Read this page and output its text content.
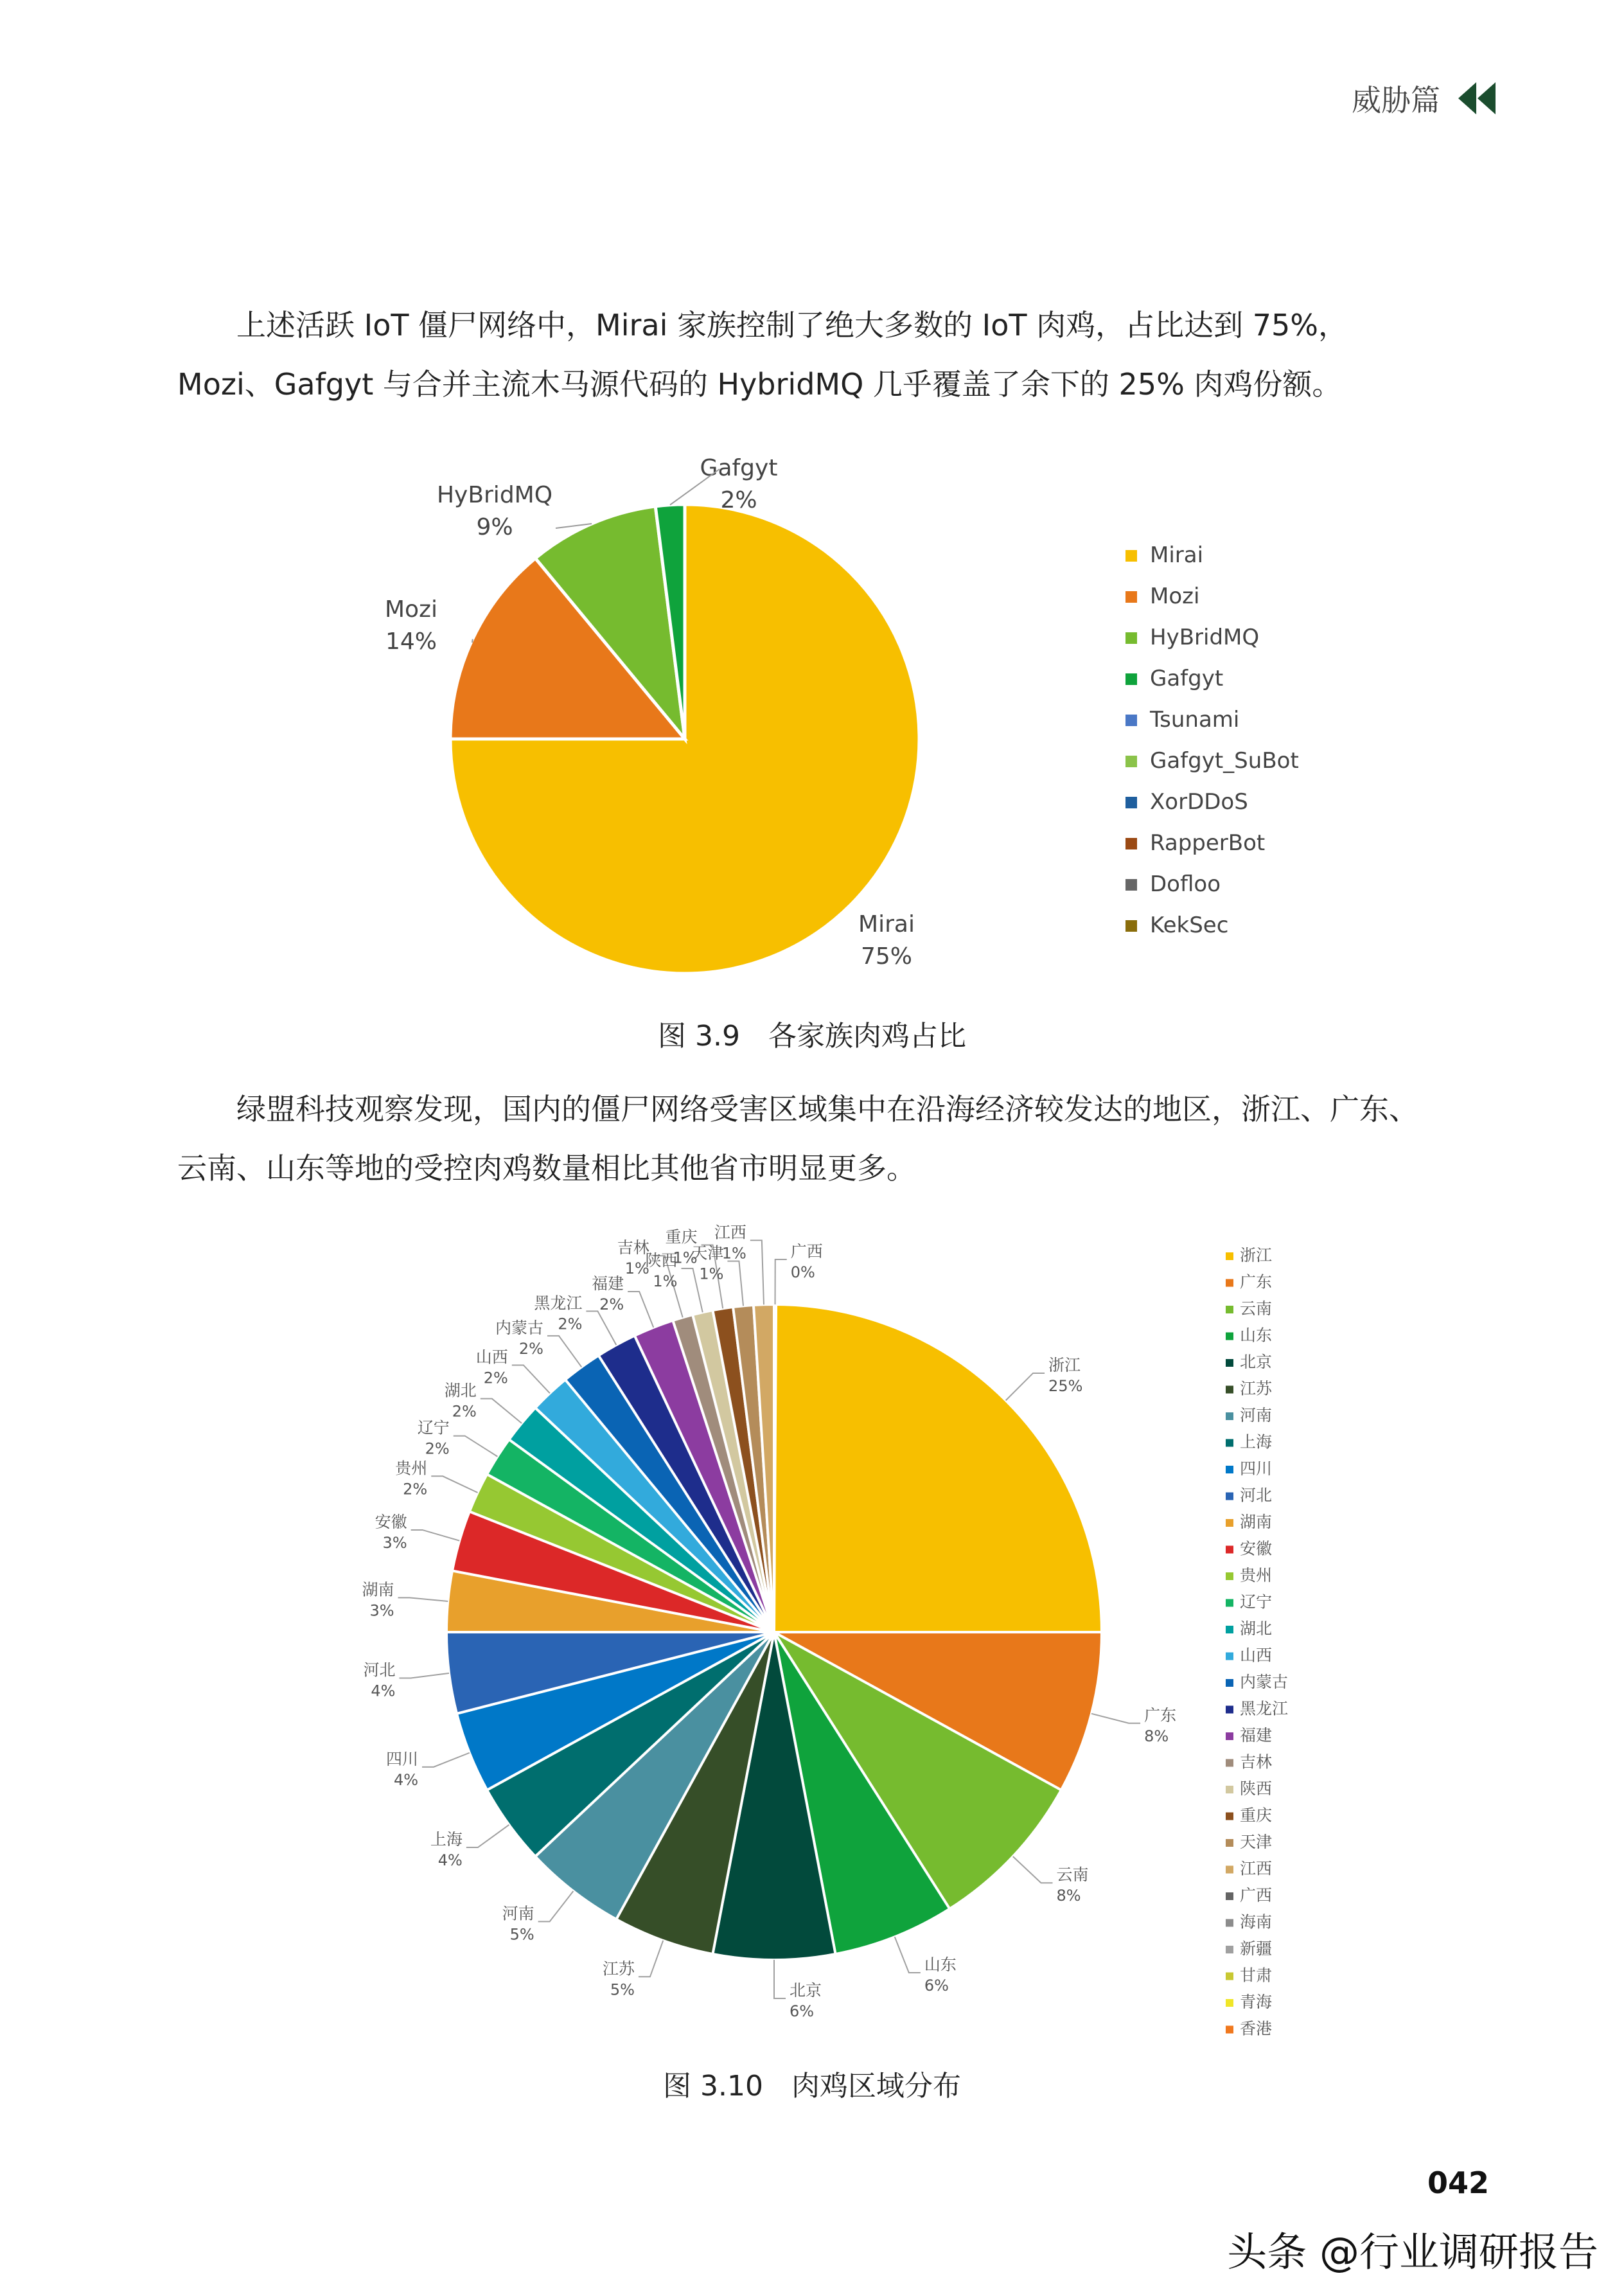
威胁篇

上述活跃 IoT 僵尸网络中，Mirai 家族控制了绝大多数的 IoT 肉鸡，占比达到 75%，

Mozi、Gafgyt 与合并主流木马源代码的 HybridMQ 几乎覆盖了余下的 25% 肉鸡份额。

Mirai
75%
Mozi
14%
HyBridMQ
9%
Gafgyt
2%
Mirai
Mozi
HyBridMQ
Gafgyt
Tsunami
Gafgyt_SuBot
XorDDoS
RapperBot
Dofloo
KekSec
图 3.9　各家族肉鸡占比

绿盟科技观察发现，国内的僵尸网络受害区域集中在沿海经济较发达的地区，浙江、广东、

云南、山东等地的受控肉鸡数量相比其他省市明显更多。

浙江
25%
广东
8%
云南
8%
山东
6%
北京
6%
江苏
5%
河南
5%
上海
4%
四川
4%
河北
4%
湖南
3%
安徽
3%
贵州
2%
辽宁
2%
湖北
2%
山西
2%
内蒙古
2%
黑龙江
2%
福建
2%
吉林
1%
陕西
1%
重庆
1%
天津
1%
江西
1%	广西
0%
浙江
广东
云南
山东
北京
江苏
河南
上海
四川
河北
湖南
安徽
贵州
辽宁
湖北
山西
内蒙古
黑龙江
福建
吉林
陕西
重庆
天津
江西
广西
海南
新疆
甘肃
青海
香港
图 3.10　肉鸡区域分布
042
头条 @行业调研报告
